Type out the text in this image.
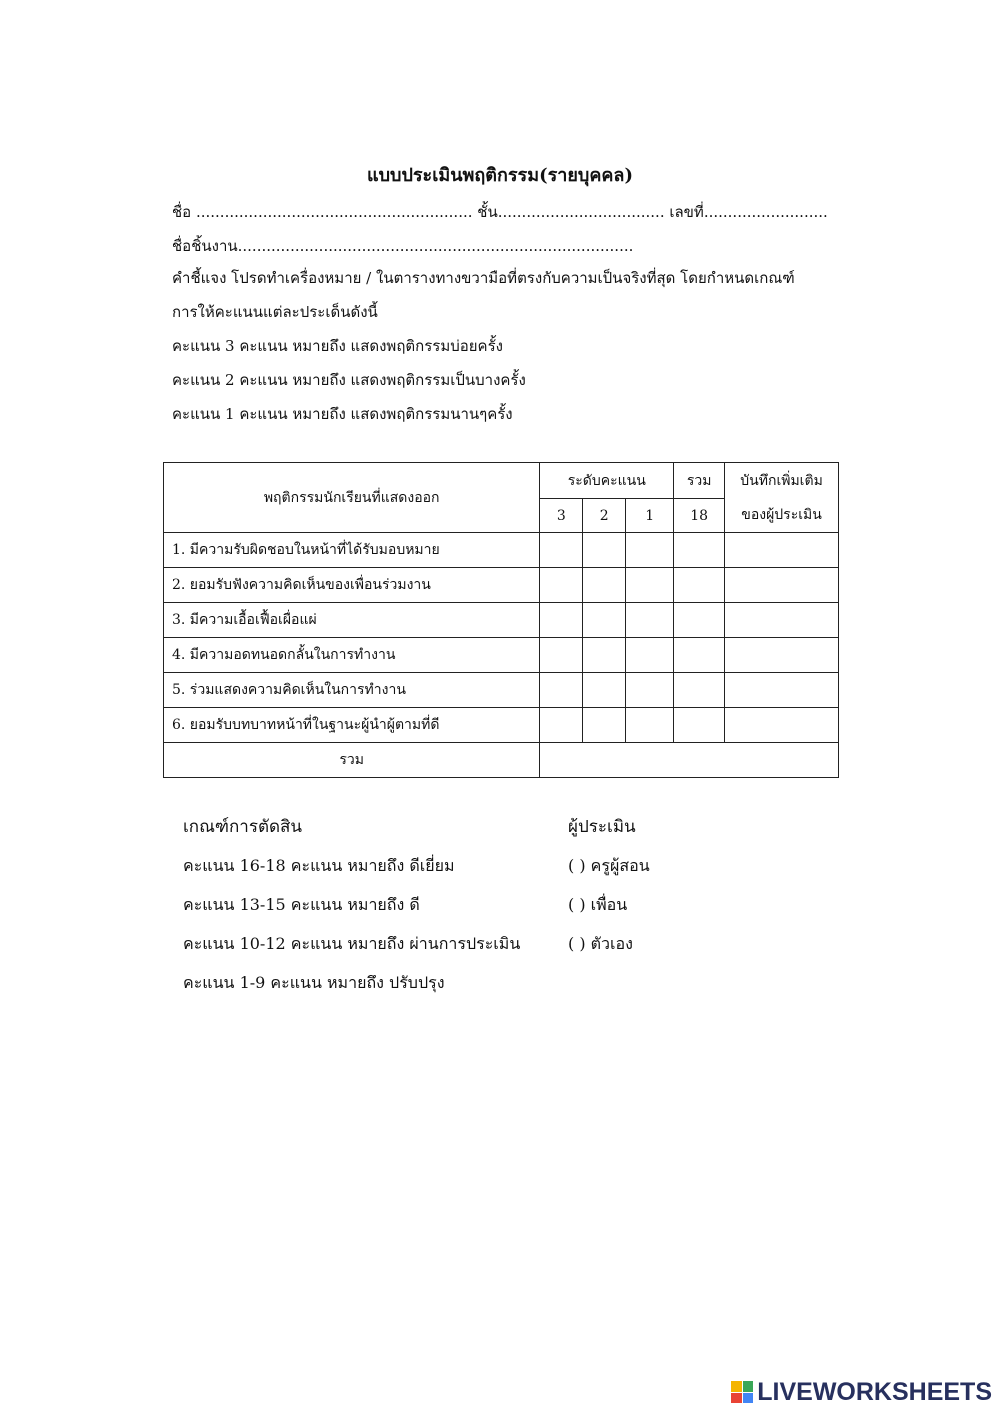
แบบประเมินพฤติกรรม(รายบุคคล)
ชื่อ .......................................................... ชั้น................................... เลขที่..........................
ชื่อชิ้นงาน...................................................................................
คำชี้แจง โปรดทำเครื่องหมาย / ในตารางทางขวามือที่ตรงกับความเป็นจริงที่สุด โดยกำหนดเกณฑ์
การให้คะแนนแต่ละประเด็นดังนี้
คะแนน 3 คะแนน หมายถึง แสดงพฤติกรรมบ่อยครั้ง
คะแนน 2 คะแนน หมายถึง แสดงพฤติกรรมเป็นบางครั้ง
คะแนน 1 คะแนน หมายถึง แสดงพฤติกรรมนานๆครั้ง
พฤติกรรมนักเรียนที่แสดงออก	ระดับคะแนน			รวม	บันทึกเพิ่มเติม
	3	2	1	18	ของผู้ประเมิน
1. มีความรับผิดชอบในหน้าที่ได้รับมอบหมาย					
2. ยอมรับฟังความคิดเห็นของเพื่อนร่วมงาน					
3. มีความเอื้อเฟื้อเผื่อแผ่					
4. มีความอดทนอดกลั้นในการทำงาน					
5. ร่วมแสดงความคิดเห็นในการทำงาน					
6. ยอมรับบทบาทหน้าที่ในฐานะผู้นำผู้ตามที่ดี					
รวม					
เกณฑ์การตัดสิน
คะแนน 16-18 คะแนน หมายถึง ดีเยี่ยม
คะแนน 13-15 คะแนน หมายถึง ดี
คะแนน 10-12 คะแนน หมายถึง ผ่านการประเมิน
คะแนน 1-9 คะแนน หมายถึง ปรับปรุง
ผู้ประเมิน
( ) ครูผู้สอน
( ) เพื่อน
( ) ตัวเอง
LIVEWORKSHEETS
